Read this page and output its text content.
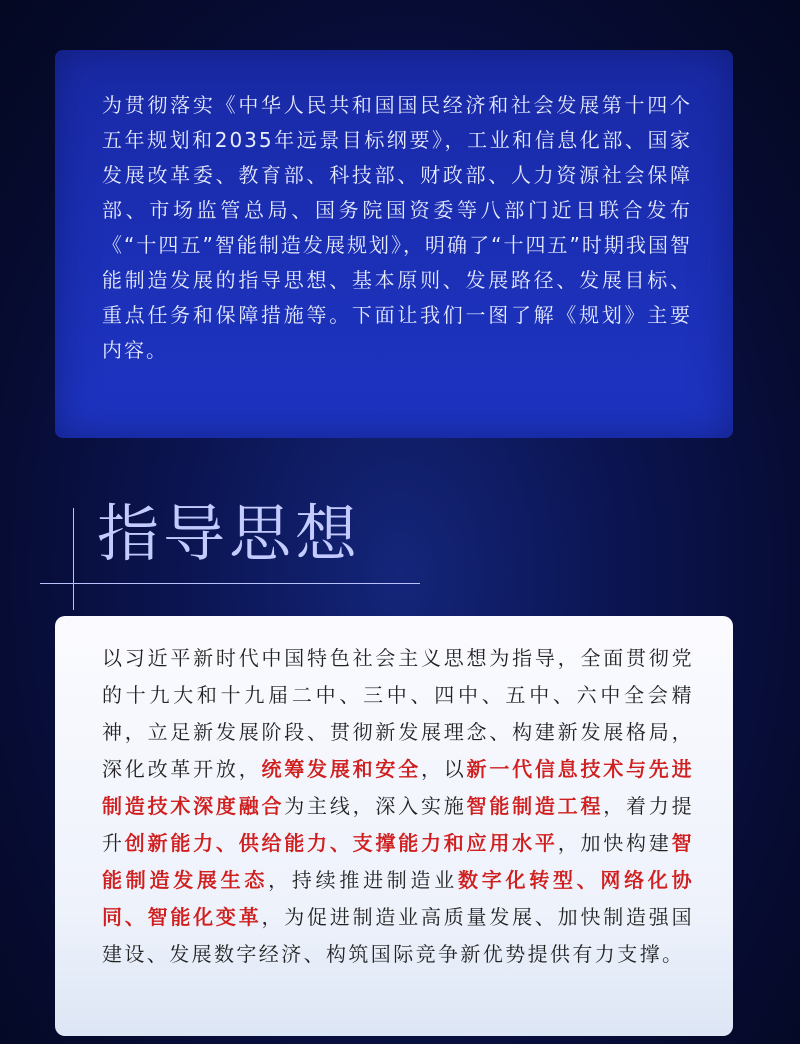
为贯彻落实《中华人民共和国国民经济和社会发展第十四个五年规划和2035年远景目标纲要》，工业和信息化部、国家发展改革委、教育部、科技部、财政部、人力资源社会保障部、市场监管总局、国务院国资委等八部门近日联合发布《“十四五”智能制造发展规划》，明确了“十四五”时期我国智能制造发展的指导思想、基本原则、发展路径、发展目标、重点任务和保障措施等。下面让我们一图了解《规划》主要内容。

指导思想

以习近平新时代中国特色社会主义思想为指导，全面贯彻党的十九大和十九届二中、三中、四中、五中、六中全会精神，立足新发展阶段、贯彻新发展理念、构建新发展格局，深化改革开放，统筹发展和安全，以新一代信息技术与先进制造技术深度融合为主线，深入实施智能制造工程，着力提升创新能力、供给能力、支撑能力和应用水平，加快构建智能制造发展生态，持续推进制造业数字化转型、网络化协同、智能化变革，为促进制造业高质量发展、加快制造强国建设、发展数字经济、构筑国际竞争新优势提供有力支撑。
